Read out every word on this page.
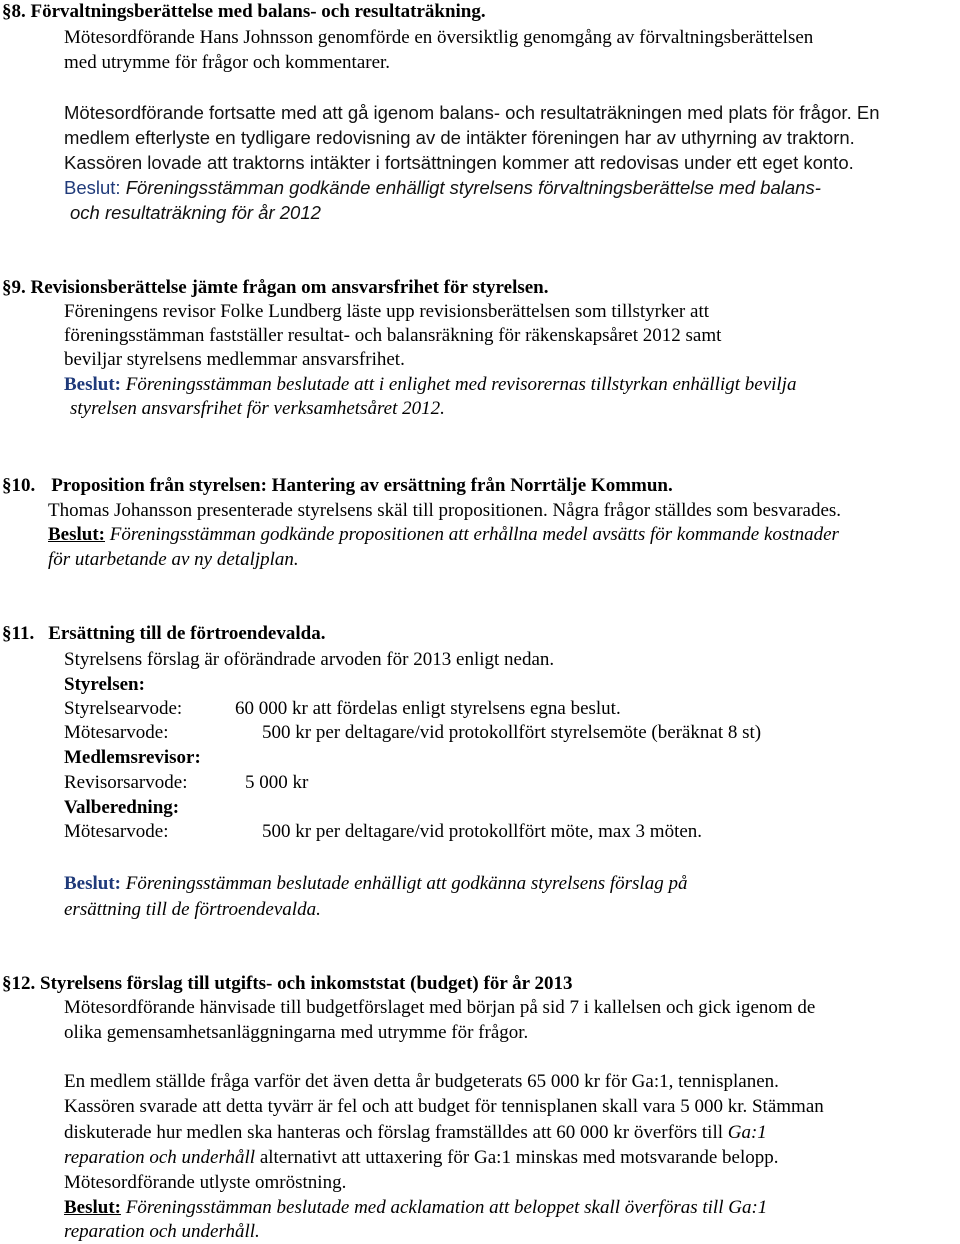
§8. Förvaltningsberättelse med balans- och resultaträkning.
Mötesordförande Hans Johnsson genomförde en översiktlig genomgång av förvaltningsberättelsen
med utrymme för frågor och kommentarer.
Mötesordförande fortsatte med att gå igenom balans- och resultaträkningen med plats för frågor. En
medlem efterlyste en tydligare redovisning av de intäkter föreningen har av uthyrning av traktorn.
Kassören lovade att traktorns intäkter i fortsättningen kommer att redovisas under ett eget konto.
Beslut: Föreningsstämman godkände enhälligt styrelsens förvaltningsberättelse med balans-
och resultaträkning för år 2012
§9. Revisionsberättelse jämte frågan om ansvarsfrihet för styrelsen.
Föreningens revisor Folke Lundberg läste upp revisionsberättelsen som tillstyrker att
föreningsstämman fastställer resultat- och balansräkning för räkenskapsåret 2012 samt
beviljar styrelsens medlemmar ansvarsfrihet.
Beslut: Föreningsstämman beslutade att i enlighet med revisorernas tillstyrkan enhälligt bevilja
styrelsen ansvarsfrihet för verksamhetsåret 2012.
§10. Proposition från styrelsen: Hantering av ersättning från Norrtälje Kommun.
Thomas Johansson presenterade styrelsens skäl till propositionen. Några frågor ställdes som besvarades.
Beslut: Föreningsstämman godkände propositionen att erhållna medel avsätts för kommande kostnader
för utarbetande av ny detaljplan.
§11. Ersättning till de förtroendevalda.
Styrelsens förslag är oförändrade arvoden för 2013 enligt nedan.
Styrelsen:
Styrelsearvode:	60 000 kr att fördelas enligt styrelsens egna beslut.
Mötesarvode:	500 kr per deltagare/vid protokollfört styrelsemöte (beräknat 8 st)
Medlemsrevisor:
Revisorsarvode:	5 000 kr
Valberedning:
Mötesarvode:	500 kr per deltagare/vid protokollfört möte, max 3 möten.
Beslut: Föreningsstämman beslutade enhälligt att godkänna styrelsens förslag på
ersättning till de förtroendevalda.
§12. Styrelsens förslag till utgifts- och inkomststat (budget) för år 2013
Mötesordförande hänvisade till budgetförslaget med början på sid 7 i kallelsen och gick igenom de
olika gemensamhetsanläggningarna med utrymme för frågor.
En medlem ställde fråga varför det även detta år budgeterats 65 000 kr för Ga:1, tennisplanen.
Kassören svarade att detta tyvärr är fel och att budget för tennisplanen skall vara 5 000 kr. Stämman
diskuterade hur medlen ska hanteras och förslag framställdes att 60 000 kr överförs till Ga:1
reparation och underhåll alternativt att uttaxering för Ga:1 minskas med motsvarande belopp.
Mötesordförande utlyste omröstning.
Beslut: Föreningsstämman beslutade med acklamation att beloppet skall överföras till Ga:1
reparation och underhåll.
